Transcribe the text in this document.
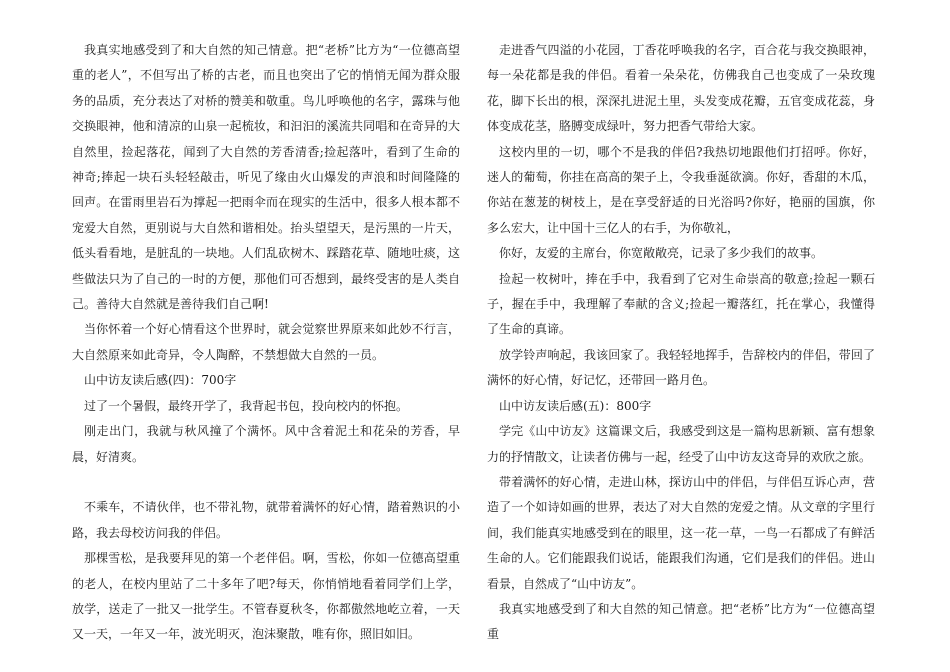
我真实地感受到了和大自然的知己情意。把“老桥”比方为“一位德高望重的老人”，不但写出了桥的古老，而且也突出了它的悄悄无闻为群众服务的品质，充分表达了对桥的赞美和敬重。鸟儿呼唤他的名字，露珠与他交换眼神，他和清凉的山泉一起梳妆，和汩汩的溪流共同唱和在奇异的大自然里，捡起落花，闻到了大自然的芳香清香;捡起落叶，看到了生命的神奇;捧起一块石头轻轻敲击，听见了缘由火山爆发的声浪和时间隆隆的回声。在雷雨里岩石为撑起一把雨伞而在现实的生活中，很多人根本都不宠爱大自然，更别说与大自然和谐相处。抬头望望天，是污黑的一片天，低头看看地，是脏乱的一块地。人们乱砍树木、踩踏花草、随地吐痰，这些做法只为了自己的一时的方便，那他们可否想到，最终受害的是人类自己。善待大自然就是善待我们自己啊!

当你怀着一个好心情看这个世界时，就会觉察世界原来如此妙不行言，大自然原来如此奇异，令人陶醉，不禁想做大自然的一员。

山中访友读后感(四)：700字

过了一个暑假，最终开学了，我背起书包，投向校内的怀抱。

刚走出门，我就与秋风撞了个满怀。风中含着泥土和花朵的芳香，早晨，好清爽。

不乘车，不请伙伴，也不带礼物，就带着满怀的好心情，踏着熟识的小路，我去母校访问我的伴侣。

那棵雪松，是我要拜见的第一个老伴侣。啊，雪松，你如一位德高望重的老人，在校内里站了二十多年了吧?每天，你悄悄地看着同学们上学，放学，送走了一批又一批学生。不管春夏秋冬，你都傲然地屹立着，一天又一天，一年又一年，波光明灭，泡沫聚散，唯有你，照旧如旧。

走进香气四溢的小花园，丁香花呼唤我的名字，百合花与我交换眼神，每一朵花都是我的伴侣。看着一朵朵花，仿佛我自己也变成了一朵玫瑰花，脚下长出的根，深深扎进泥土里，头发变成花瓣，五官变成花蕊，身体变成花茎，胳膊变成绿叶，努力把香气带给大家。

这校内里的一切，哪个不是我的伴侣?我热切地跟他们打招呼。你好，迷人的葡萄，你挂在高高的架子上，令我垂涎欲滴。你好，香甜的木瓜，你站在葱茏的树枝上，是在享受舒适的日光浴吗?你好，艳丽的国旗，你多么宏大，让中国十三亿人的右手，为你敬礼，

你好，友爱的主席台，你宽敞敞亮，记录了多少我们的故事。

捡起一枚树叶，捧在手中，我看到了它对生命崇高的敬意;捡起一颗石子，握在手中，我理解了奉献的含义;捡起一瓣落红，托在掌心，我懂得了生命的真谛。

放学铃声响起，我该回家了。我轻轻地挥手，告辞校内的伴侣，带回了满怀的好心情，好记忆，还带回一路月色。

山中访友读后感(五)：800字

学完《山中访友》这篇课文后，我感受到这是一篇构思新颖、富有想象力的抒情散文，让读者仿佛与一起，经受了山中访友这奇异的欢欣之旅。

带着满怀的好心情，走进山林，探访山中的伴侣，与伴侣互诉心声，营造了一个如诗如画的世界，表达了对大自然的宠爱之情。从文章的字里行间，我们能真实地感受到在的眼里，这一花一草，一鸟一石都成了有鲜活生命的人。它们能跟我们说话，能跟我们沟通，它们是我们的伴侣。进山看景，自然成了“山中访友”。

我真实地感受到了和大自然的知己情意。把“老桥”比方为“一位德高望重
